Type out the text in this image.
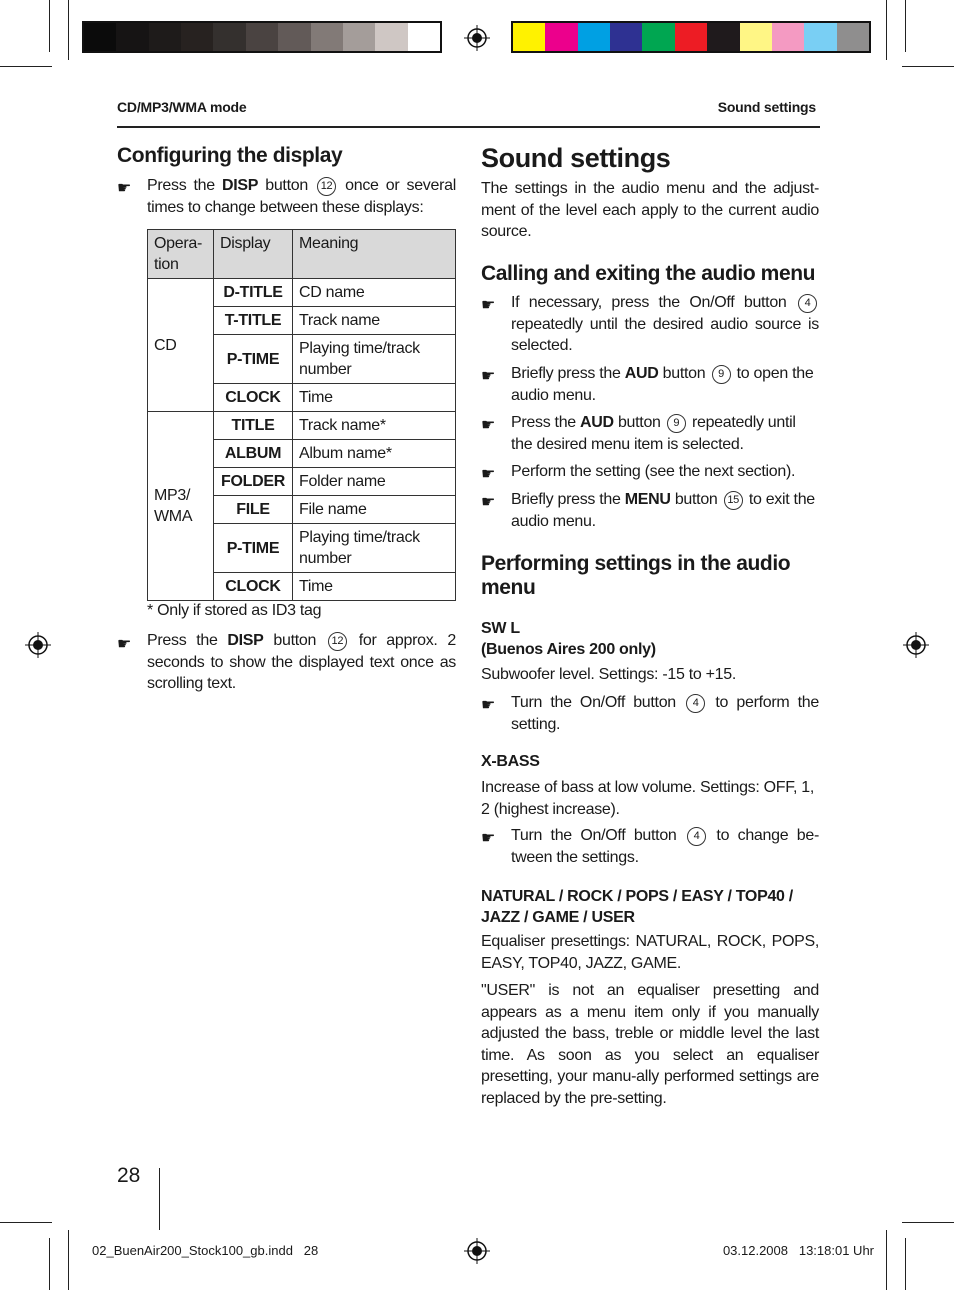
CD/MP3/WMA mode	Sound settings
Configuring the display
☛ Press the DISP button 12 once or several times to change between these displays:
Opera-tion	Display	Meaning
CD	D-TITLE	CD name
	T-TITLE	Track name
	P-TIME	Playing time/track number
	CLOCK	Time
MP3/ WMA	TITLE	Track name*
	ALBUM	Album name*
	FOLDER	Folder name
	FILE	File name
	P-TIME	Playing time/track number
	CLOCK	Time
* Only if stored as ID3 tag
☛ Press the DISP button 12 for approx. 2 seconds to show the displayed text once as scrolling text.
Sound settings
The settings in the audio menu and the adjust-ment of the level each apply to the current audio source.
Calling and exiting the audio menu
☛ If necessary, press the On/Off button 4 repeatedly until the desired audio source is selected.
☛ Briefly press the AUD button 9 to open the audio menu.
☛ Press the AUD button 9 repeatedly until the desired menu item is selected.
☛ Perform the setting (see the next section).
☛ Briefly press the MENU button 15 to exit the audio menu.
Performing settings in the audio menu
SW L
(Buenos Aires 200 only)
Subwoofer level. Settings: -15 to +15.
☛ Turn the On/Off button 4 to perform the setting.
X-BASS
Increase of bass at low volume. Settings: OFF, 1, 2 (highest increase).
☛ Turn the On/Off button 4 to change be-tween the settings.
NATURAL / ROCK / POPS / EASY / TOP40 / JAZZ / GAME / USER
Equaliser presettings: NATURAL, ROCK, POPS, EASY, TOP40, JAZZ, GAME.
"USER" is not an equaliser presetting and appears as a menu item only if you manually adjusted the bass, treble or middle level the last time. As soon as you select an equaliser presetting, your manu-ally performed settings are replaced by the pre-setting.
28
02_BuenAir200_Stock100_gb.indd   28	03.12.2008   13:18:01 Uhr
